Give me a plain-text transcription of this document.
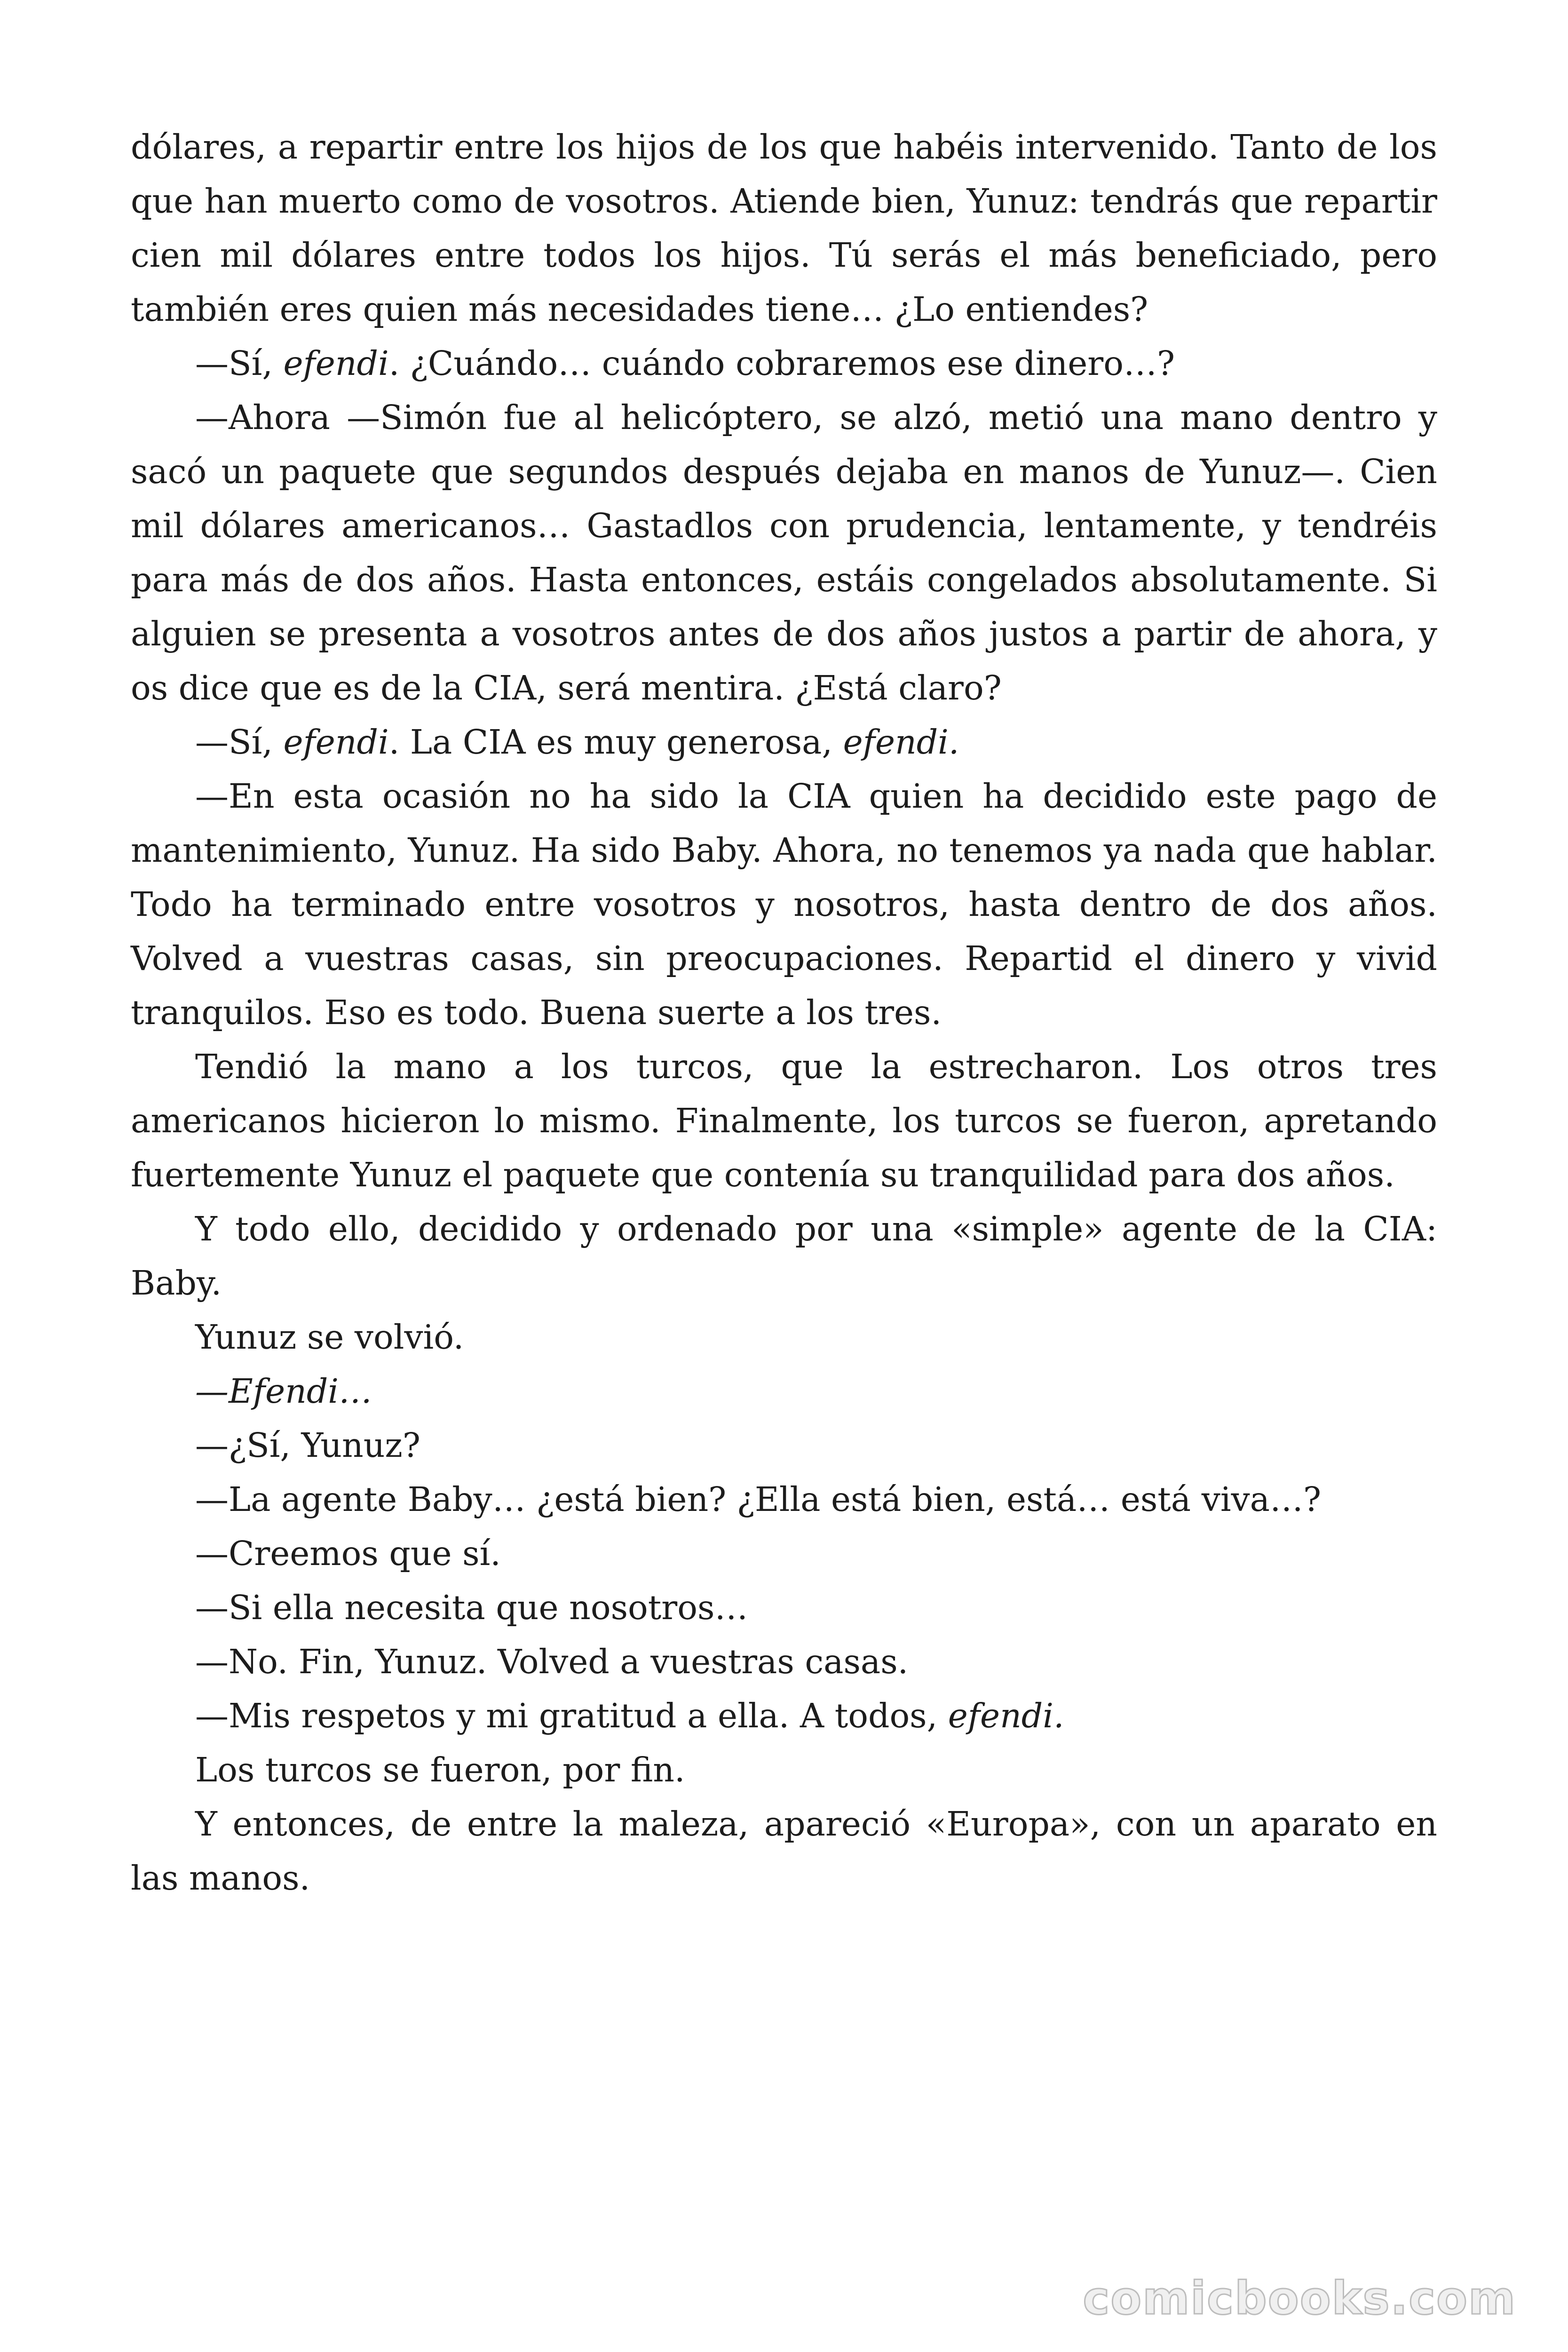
dólares, a repartir entre los hijos de los que habéis intervenido. Tanto de los que han muerto como de vosotros. Atiende bien, Yunuz: tendrás que repartir cien mil dólares entre todos los hijos. Tú serás el más beneficiado, pero también eres quien más necesidades tiene… ¿Lo entiendes?

—Sí, efendi. ¿Cuándo… cuándo cobraremos ese dinero…?

—Ahora —Simón fue al helicóptero, se alzó, metió una mano dentro y sacó un paquete que segundos después dejaba en manos de Yunuz—. Cien mil dólares americanos… Gastadlos con prudencia, lentamente, y tendréis para más de dos años. Hasta entonces, estáis congelados absolutamente. Si alguien se presenta a vosotros antes de dos años justos a partir de ahora, y os dice que es de la CIA, será mentira. ¿Está claro?

—Sí, efendi. La CIA es muy generosa, efendi.

—En esta ocasión no ha sido la CIA quien ha decidido este pago de mantenimiento, Yunuz. Ha sido Baby. Ahora, no tenemos ya nada que hablar. Todo ha terminado entre vosotros y nosotros, hasta dentro de dos años. Volved a vuestras casas, sin preocupaciones. Repartid el dinero y vivid tranquilos. Eso es todo. Buena suerte a los tres.

Tendió la mano a los turcos, que la estrecharon. Los otros tres americanos hicieron lo mismo. Finalmente, los turcos se fueron, apretando fuertemente Yunuz el paquete que contenía su tranquilidad para dos años.

Y todo ello, decidido y ordenado por una «simple» agente de la CIA: Baby.

Yunuz se volvió.

—Efendi…

—¿Sí, Yunuz?

—La agente Baby… ¿está bien? ¿Ella está bien, está… está viva…?

—Creemos que sí.

—Si ella necesita que nosotros…

—No. Fin, Yunuz. Volved a vuestras casas.

—Mis respetos y mi gratitud a ella. A todos, efendi.

Los turcos se fueron, por fin.

Y entonces, de entre la maleza, apareció «Europa», con un aparato en las manos.

comicbooks.com
